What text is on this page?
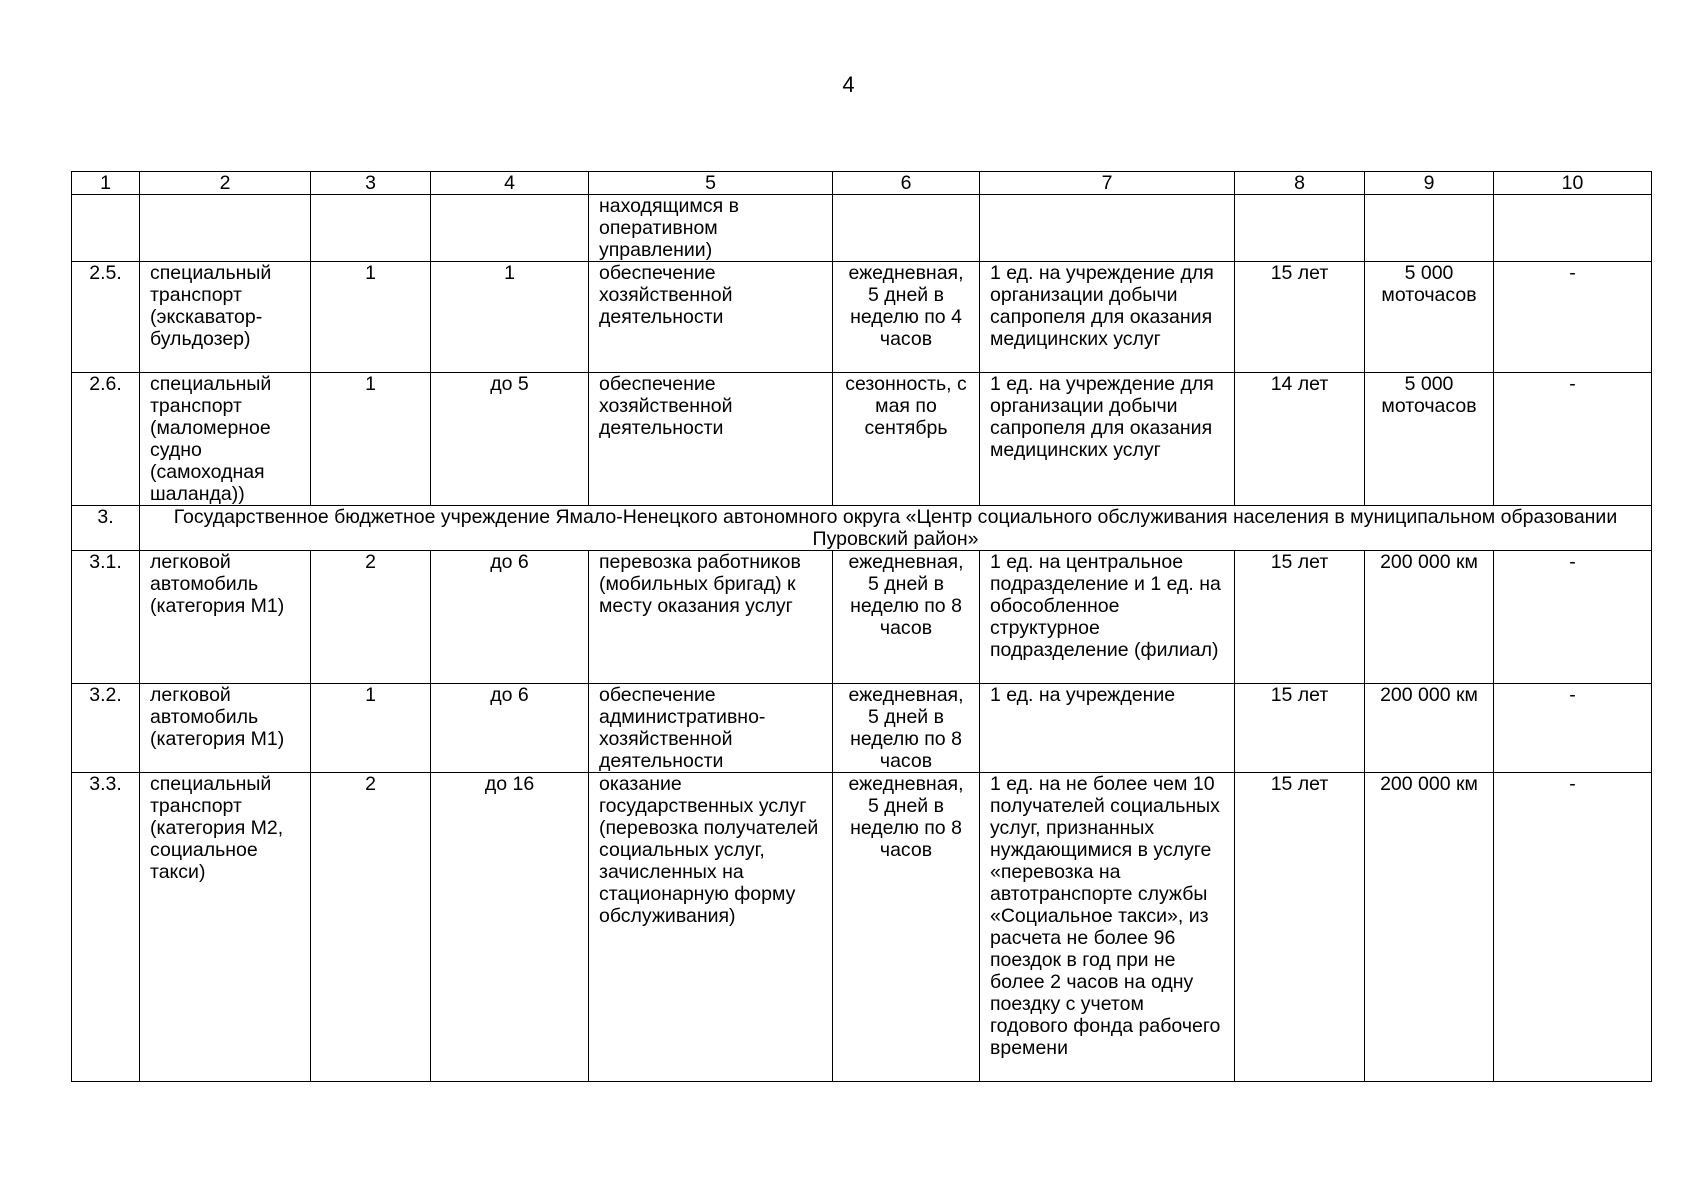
4
1	2	3	4	5	6	7	8	9	10
				находящимся в оперативном управлении)					
2.5.	специальный транспорт (экскаватор-бульдозер)	1	1	обеспечение хозяйственной деятельности	ежедневная, 5 дней в неделю по 4 часов	1 ед. на учреждение для организации добычи сапропеля для оказания медицинских услуг	15 лет	5 000 моточасов	-
2.6.	специальный транспорт (маломерное судно (самоходная шаланда))	1	до 5	обеспечение хозяйственной деятельности	сезонность, с мая по сентябрь	1 ед. на учреждение для организации добычи сапропеля для оказания медицинских услуг	14 лет	5 000 моточасов	-
3.	Государственное бюджетное учреждение Ямало-Ненецкого автономного округа «Центр социального обслуживания населения в муниципальном образовании Пуровский район»								
3.1.	легковой автомобиль (категория М1)	2	до 6	перевозка работников (мобильных бригад) к месту оказания услуг	ежедневная, 5 дней в неделю по 8 часов	1 ед. на центральное подразделение и 1 ед. на обособленное структурное подразделение (филиал)	15 лет	200 000 км	-
3.2.	легковой автомобиль (категория М1)	1	до 6	обеспечение административно-хозяйственной деятельности	ежедневная, 5 дней в неделю по 8 часов	1 ед. на учреждение	15 лет	200 000 км	-
3.3.	специальный транспорт (категория М2, социальное такси)	2	до 16	оказание государственных услуг (перевозка получателей социальных услуг, зачисленных на стационарную форму обслуживания)	ежедневная, 5 дней в неделю по 8 часов	1 ед. на не более чем 10 получателей социальных услуг, признанных нуждающимися в услуге «перевозка на автотранспорте службы «Социальное такси», из расчета не более 96 поездок в год при не более 2 часов на одну поездку с учетом годового фонда рабочего времени	15 лет	200 000 км	-
